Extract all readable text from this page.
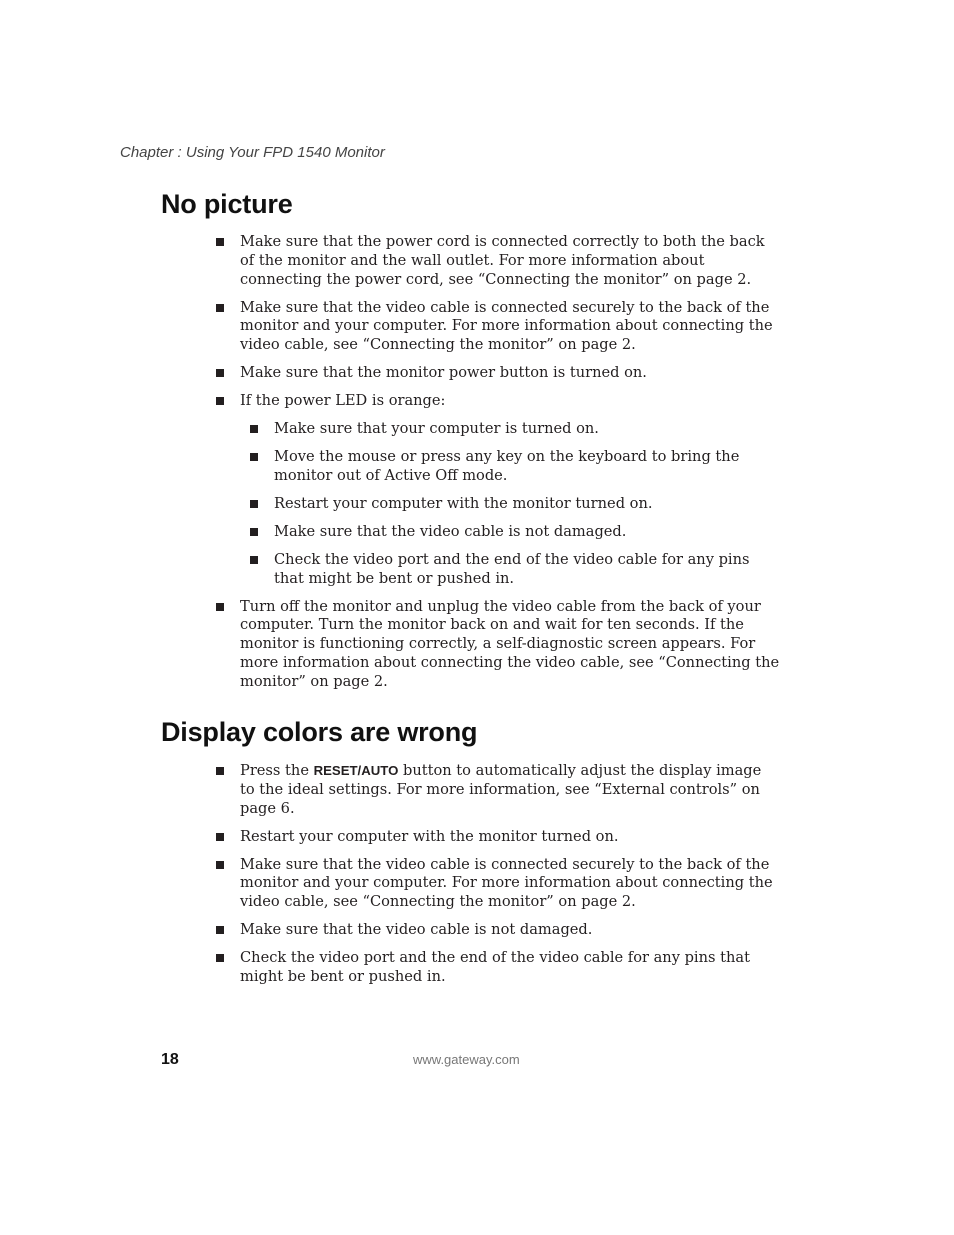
Chapter : Using Your FPD 1540 Monitor
No picture
Make sure that the power cord is connected correctly to both the back of the monitor and the wall outlet. For more information about connecting the power cord, see “Connecting the monitor” on page 2.
Make sure that the video cable is connected securely to the back of the monitor and your computer. For more information about connecting the video cable, see “Connecting the monitor” on page 2.
Make sure that the monitor power button is turned on.
If the power LED is orange:
Make sure that your computer is turned on.
Move the mouse or press any key on the keyboard to bring the monitor out of Active Off mode.
Restart your computer with the monitor turned on.
Make sure that the video cable is not damaged.
Check the video port and the end of the video cable for any pins that might be bent or pushed in.
Turn off the monitor and unplug the video cable from the back of your computer. Turn the monitor back on and wait for ten seconds. If the monitor is functioning correctly, a self-diagnostic screen appears. For more information about connecting the video cable, see “Connecting the monitor” on page 2.
Display colors are wrong
Press the RESET/AUTO button to automatically adjust the display image to the ideal settings. For more information, see “External controls” on page 6.
Restart your computer with the monitor turned on.
Make sure that the video cable is connected securely to the back of the monitor and your computer. For more information about connecting the video cable, see “Connecting the monitor” on page 2.
Make sure that the video cable is not damaged.
Check the video port and the end of the video cable for any pins that might be bent or pushed in.
18	www.gateway.com
